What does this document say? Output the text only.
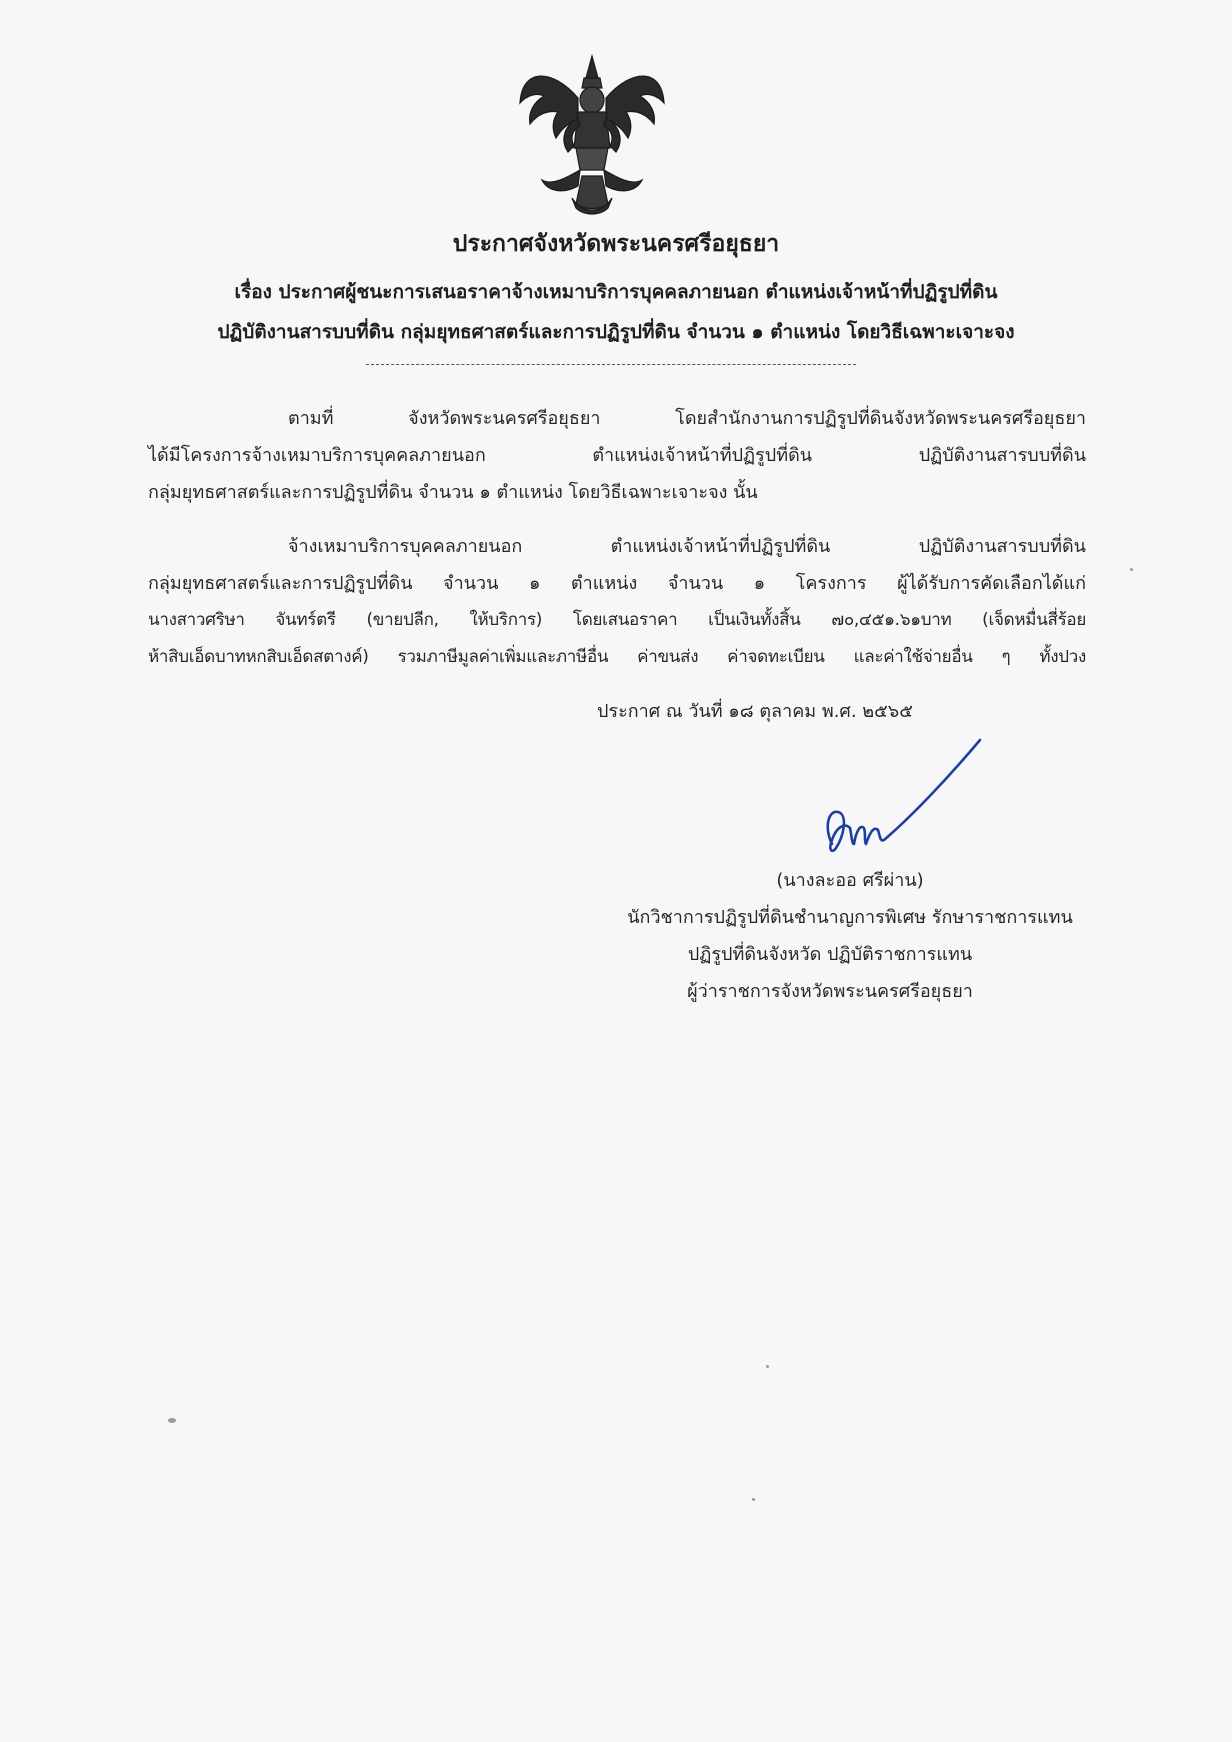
ประกาศจังหวัดพระนครศรีอยุธยา
เรื่อง ประกาศผู้ชนะการเสนอราคาจ้างเหมาบริการบุคคลภายนอก ตำแหน่งเจ้าหน้าที่ปฏิรูปที่ดิน
ปฏิบัติงานสารบบที่ดิน กลุ่มยุทธศาสตร์และการปฏิรูปที่ดิน จำนวน ๑ ตำแหน่ง โดยวิธีเฉพาะเจาะจง
ตามที่ จังหวัดพระนครศรีอยุธยา โดยสำนักงานการปฏิรูปที่ดินจังหวัดพระนครศรีอยุธยา
ได้มีโครงการจ้างเหมาบริการบุคคลภายนอก ตำแหน่งเจ้าหน้าที่ปฏิรูปที่ดิน ปฏิบัติงานสารบบที่ดิน
กลุ่มยุทธศาสตร์และการปฏิรูปที่ดิน จำนวน ๑ ตำแหน่ง โดยวิธีเฉพาะเจาะจง นั้น
จ้างเหมาบริการบุคคลภายนอก ตำแหน่งเจ้าหน้าที่ปฏิรูปที่ดิน ปฏิบัติงานสารบบที่ดิน
กลุ่มยุทธศาสตร์และการปฏิรูปที่ดิน จำนวน ๑ ตำแหน่ง จำนวน ๑ โครงการ ผู้ได้รับการคัดเลือกได้แก่
นางสาวศริษา จันทร์ตรี (ขายปลีก, ให้บริการ) โดยเสนอราคา เป็นเงินทั้งสิ้น ๗๐,๔๕๑.๖๑บาท (เจ็ดหมื่นสี่ร้อย
ห้าสิบเอ็ดบาทหกสิบเอ็ดสตางค์) รวมภาษีมูลค่าเพิ่มและภาษีอื่น ค่าขนส่ง ค่าจดทะเบียน และค่าใช้จ่ายอื่น ๆ ทั้งปวง
ประกาศ ณ วันที่ ๑๘ ตุลาคม พ.ศ. ๒๕๖๕
(นางละออ ศรีผ่าน)
นักวิชาการปฏิรูปที่ดินชำนาญการพิเศษ รักษาราชการแทน
ปฏิรูปที่ดินจังหวัด ปฏิบัติราชการแทน
ผู้ว่าราชการจังหวัดพระนครศรีอยุธยา
